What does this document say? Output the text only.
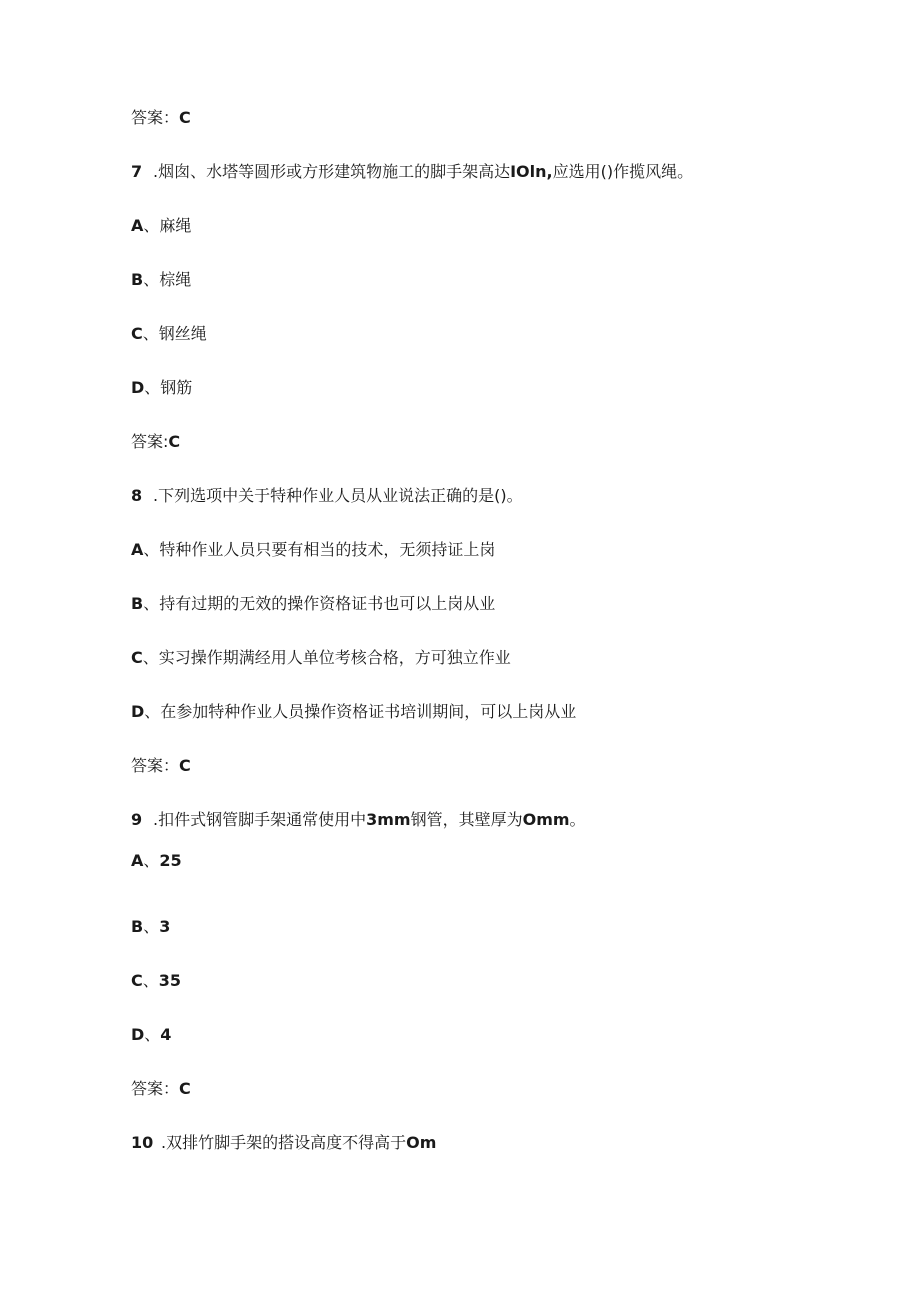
答案：C
7 .烟囱、水塔等圆形或方形建筑物施工的脚手架高达IOln,应选用()作揽风绳。
A、麻绳
B、棕绳
C、钢丝绳
D、钢筋
答案:C
8 .下列选项中关于特种作业人员从业说法正确的是()。
A、特种作业人员只要有相当的技术，无须持证上岗
B、持有过期的无效的操作资格证书也可以上岗从业
C、实习操作期满经用人单位考核合格，方可独立作业
D、在参加特种作业人员操作资格证书培训期间，可以上岗从业
答案：C
9 .扣件式钢管脚手架通常使用中3mm钢管，其壁厚为Omm。
A、25
B、3
C、35
D、4
答案：C
10 .双排竹脚手架的搭设高度不得高于Om
